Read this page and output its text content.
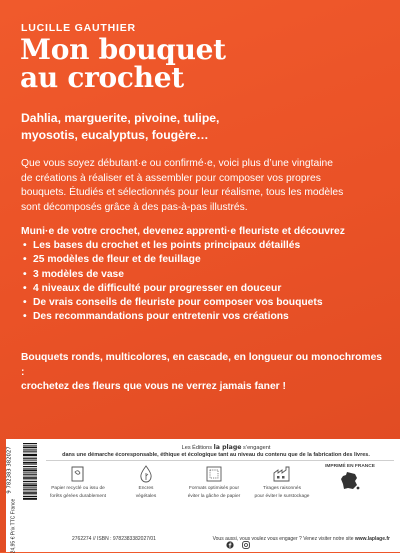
LUCILLE GAUTHIER
Mon bouquet
au crochet
Dahlia, marguerite, pivoine, tulipe,
myosotis, eucalyptus, fougère…
Que vous soyez débutant·e ou confirmé·e, voici plus d’une vingtaine
de créations à réaliser et à assembler pour composer vos propres
bouquets. Étudiés et sélectionnés pour leur réalisme, tous les modèles
sont décomposés grâce à des pas-à-pas illustrés.
Muni·e de votre crochet, devenez apprenti·e fleuriste et découvrez
• Les bases du crochet et les points principaux détaillés
• 25 modèles de fleur et de feuillage
• 3 modèles de vase
• 4 niveaux de difficulté pour progresser en douceur
• De vrais conseils de fleuriste pour composer vos bouquets
• Des recommandations pour entretenir vos créations
Bouquets ronds, multicolores, en cascade, en longueur ou monochromes :
crochetez des fleurs que vous ne verrez jamais faner !
9 782383 382027
24,95 € Prix TTC France
Les Éditions la plage s’engagent
dans une démarche écoresponsable, éthique et écologique tant au niveau du contenu que de la fabrication des livres.
Papier recyclé ou issu de
forêts gérées durablement
Encres
végétales
Formats optimisés pour
éviter la gâche de papier
Tirages raisonnés
pour éviter le surstockage
IMPRIMÉ EN FRANCE
2762274 // ISBN : 9782383382027/01
	Vous aussi, vous voulez vous engager ? Venez visiter notre site www.laplage.fr
